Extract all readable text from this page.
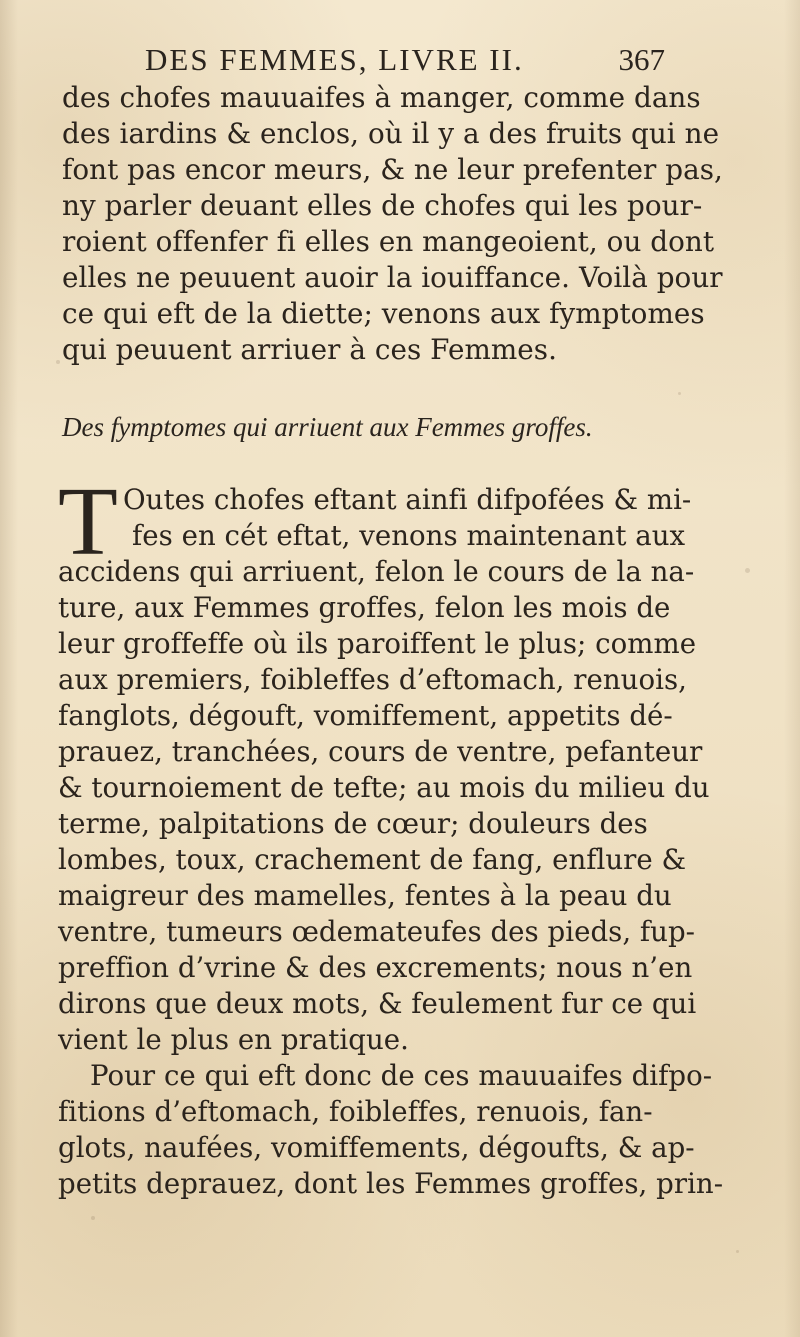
DES FEMMES, LIVRE II.	367
des chofes mauuaifes à manger, comme dans
des iardins & enclos, où il y a des fruits qui ne
font pas encor meurs, & ne leur prefenter pas,
ny parler deuant elles de chofes qui les pour-
roient offenfer fi elles en mangeoient, ou dont
elles ne peuuent auoir la iouiffance. Voilà pour
ce qui eft de la diette; venons aux fymptomes
qui peuuent arriuer à ces Femmes.
Des fymptomes qui arriuent aux Femmes groffes.
T Outes chofes eftant ainfi difpofées & mi-
fes en cét eftat, venons maintenant aux
accidens qui arriuent, felon le cours de la na-
ture, aux Femmes groffes, felon les mois de
leur groffeffe où ils paroiffent le plus; comme
aux premiers, foibleffes d’eftomach, renuois,
fanglots, dégouft, vomiffement, appetits dé-
prauez, tranchées, cours de ventre, pefanteur
& tournoiement de tefte; au mois du milieu du
terme, palpitations de cœur; douleurs des
lombes, toux, crachement de fang, enflure &
maigreur des mamelles, fentes à la peau du
ventre, tumeurs œdemateufes des pieds, fup-
preffion d’vrine & des excrements; nous n’en
dirons que deux mots, & feulement fur ce qui
vient le plus en pratique.
Pour ce qui eft donc de ces mauuaifes difpo-
fitions d’eftomach, foibleffes, renuois, fan-
glots, naufées, vomiffements, dégoufts, & ap-
petits deprauez, dont les Femmes groffes, prin-
